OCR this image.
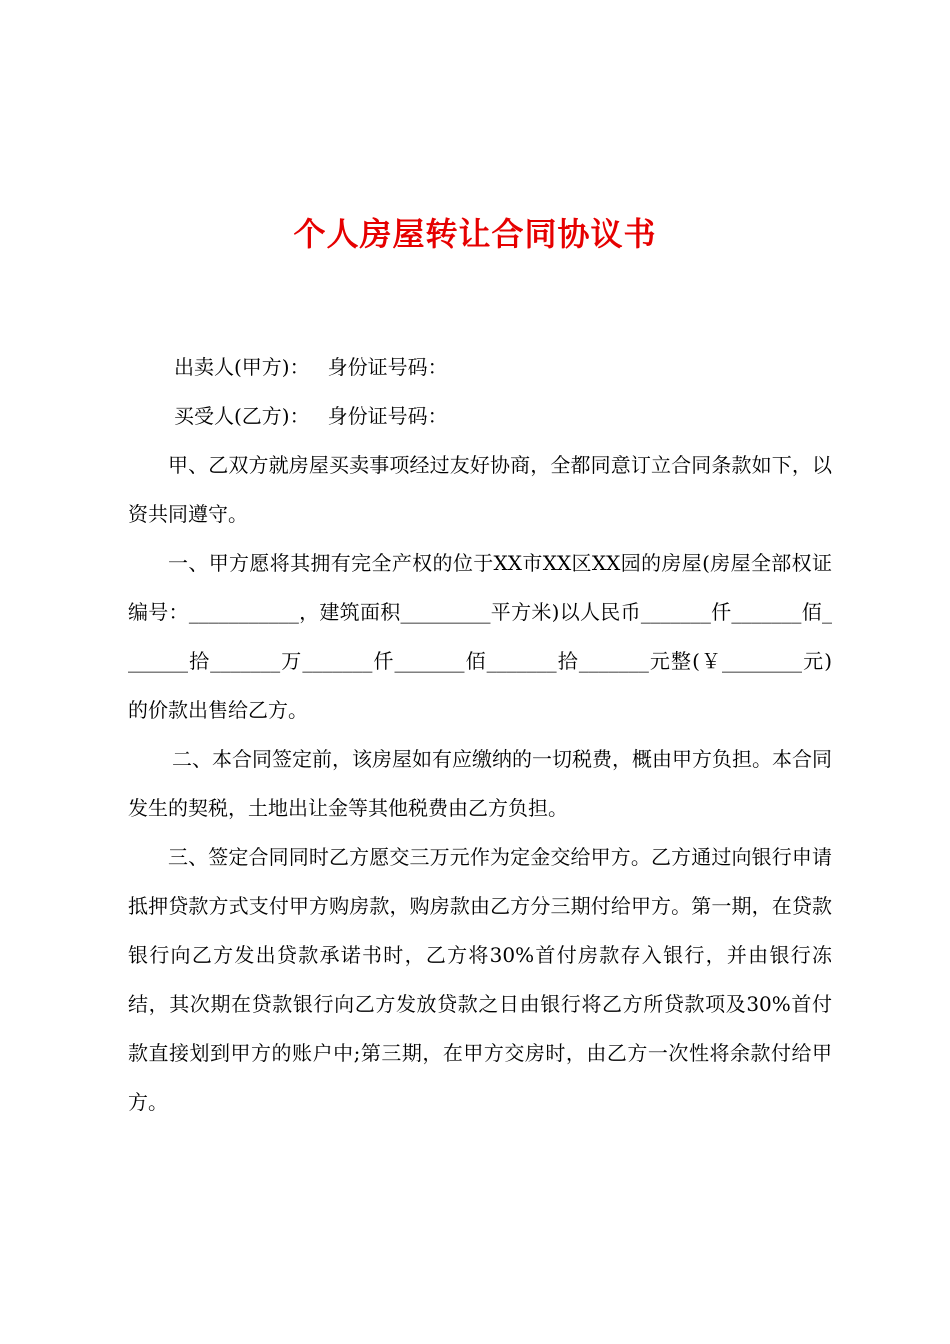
个人房屋转让合同协议书

出卖人(甲方)： 身份证号码：

买受人(乙方)： 身份证号码：

甲、乙双方就房屋买卖事项经过友好协商，全都同意订立合同条款如下，以资共同遵守。

一、甲方愿将其拥有完全产权的位于XX市XX区XX园的房屋(房屋全部权证编号：___________，建筑面积_________平方米)以人民币_______仟_______佰_______拾_______万_______仟_______佰_______拾_______元整(￥________元)的价款出售给乙方。

二、本合同签定前，该房屋如有应缴纳的一切税费，概由甲方负担。本合同发生的契税，土地出让金等其他税费由乙方负担。

三、签定合同同时乙方愿交三万元作为定金交给甲方。乙方通过向银行申请抵押贷款方式支付甲方购房款，购房款由乙方分三期付给甲方。第一期，在贷款银行向乙方发出贷款承诺书时，乙方将30%首付房款存入银行，并由银行冻结，其次期在贷款银行向乙方发放贷款之日由银行将乙方所贷款项及30%首付款直接划到甲方的账户中;第三期，在甲方交房时，由乙方一次性将余款付给甲方。
